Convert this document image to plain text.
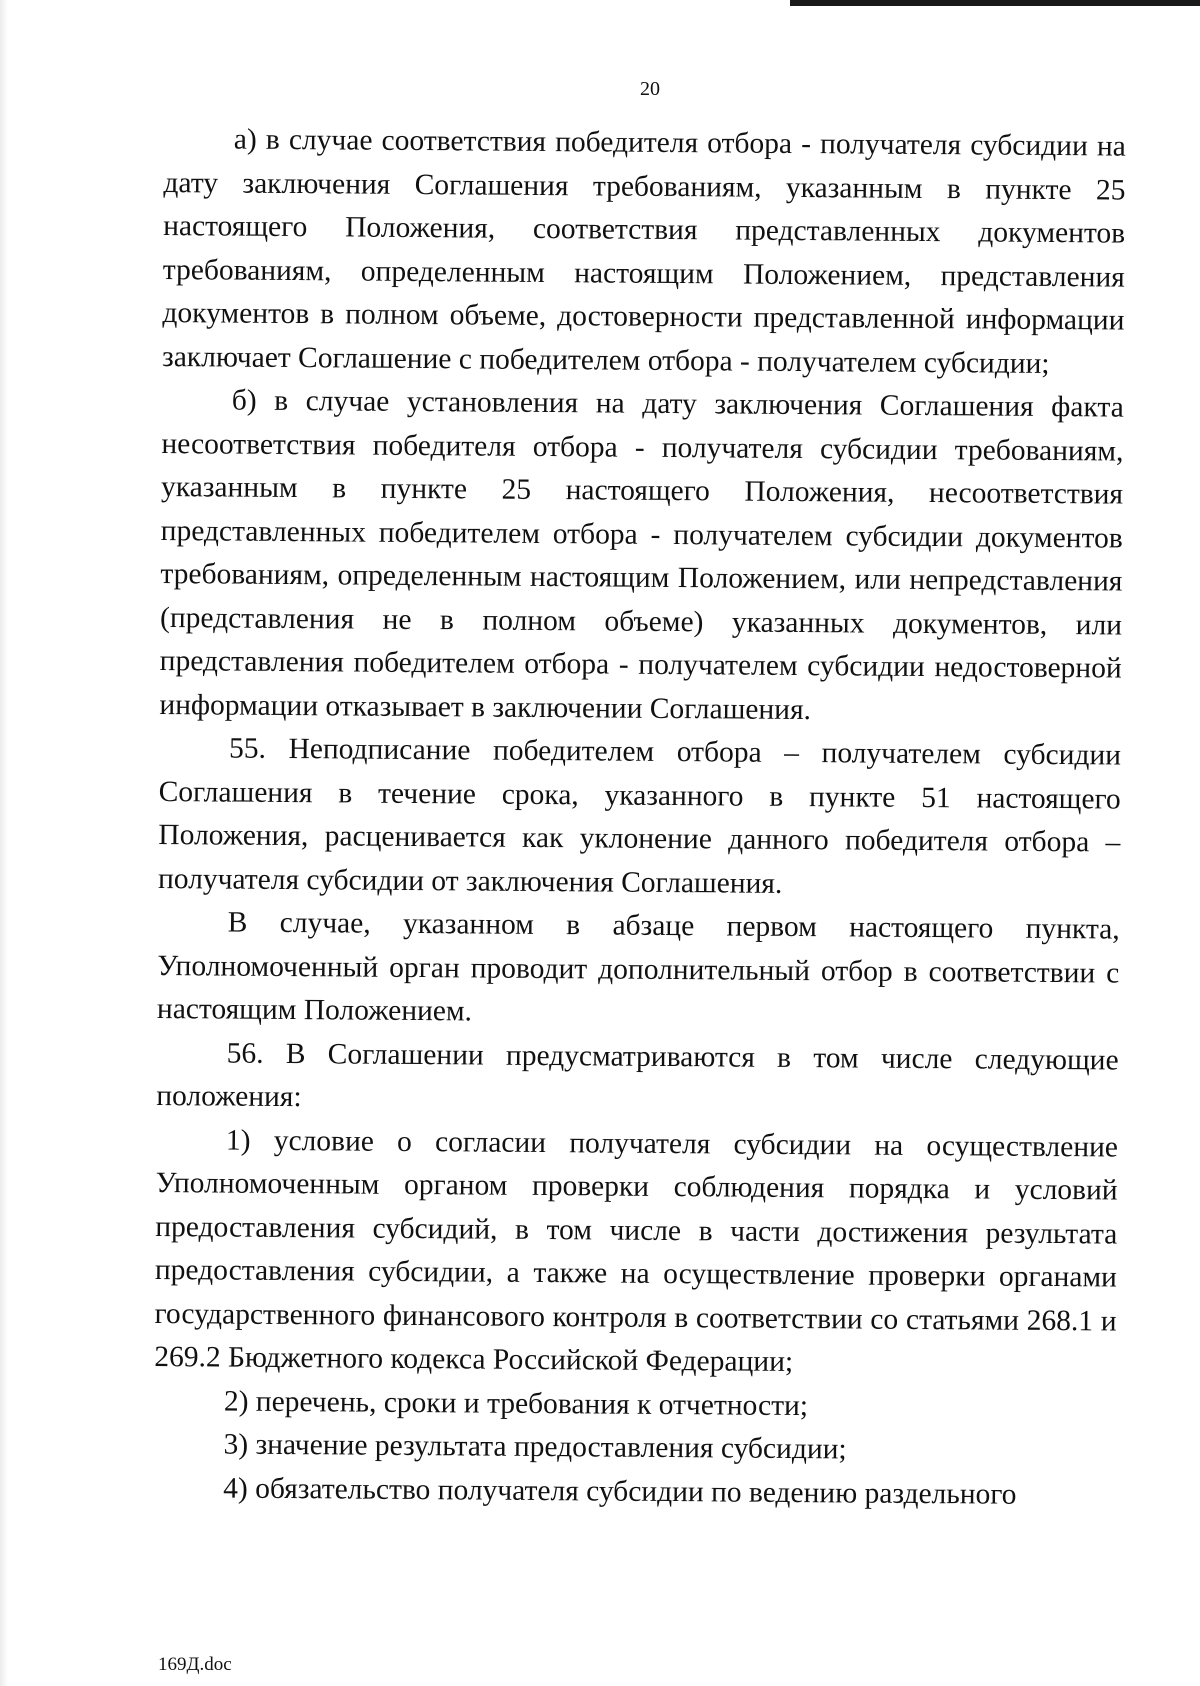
20

а) в случае соответствия победителя отбора - получателя субсидии на дату заключения Соглашения требованиям, указанным в пункте 25 настоящего Положения, соответствия представленных документов требованиям, определенным настоящим Положением, представления документов в полном объеме, достоверности представленной информации заключает Соглашение с победителем отбора - получателем субсидии;

б) в случае установления на дату заключения Соглашения факта несоответствия победителя отбора - получателя субсидии требованиям, указанным в пункте 25 настоящего Положения, несоответствия представленных победителем отбора - получателем субсидии документов требованиям, определенным настоящим Положением, или непредставления (представления не в полном объеме) указанных документов, или представления победителем отбора - получателем субсидии недостоверной информации отказывает в заключении Соглашения.

55. Неподписание победителем отбора – получателем субсидии Соглашения в течение срока, указанного в пункте 51 настоящего Положения, расценивается как уклонение данного победителя отбора – получателя субсидии от заключения Соглашения.

В случае, указанном в абзаце первом настоящего пункта, Уполномоченный орган проводит дополнительный отбор в соответствии с настоящим Положением.

56. В Соглашении предусматриваются в том числе следующие положения:

1) условие о согласии получателя субсидии на осуществление Уполномоченным органом проверки соблюдения порядка и условий предоставления субсидий, в том числе в части достижения результата предоставления субсидии, а также на осуществление проверки органами государственного финансового контроля в соответствии со статьями 268.1 и 269.2 Бюджетного кодекса Российской Федерации;

2) перечень, сроки и требования к отчетности;

3) значение результата предоставления субсидии;

4) обязательство получателя субсидии по ведению раздельного

169Д.doc
